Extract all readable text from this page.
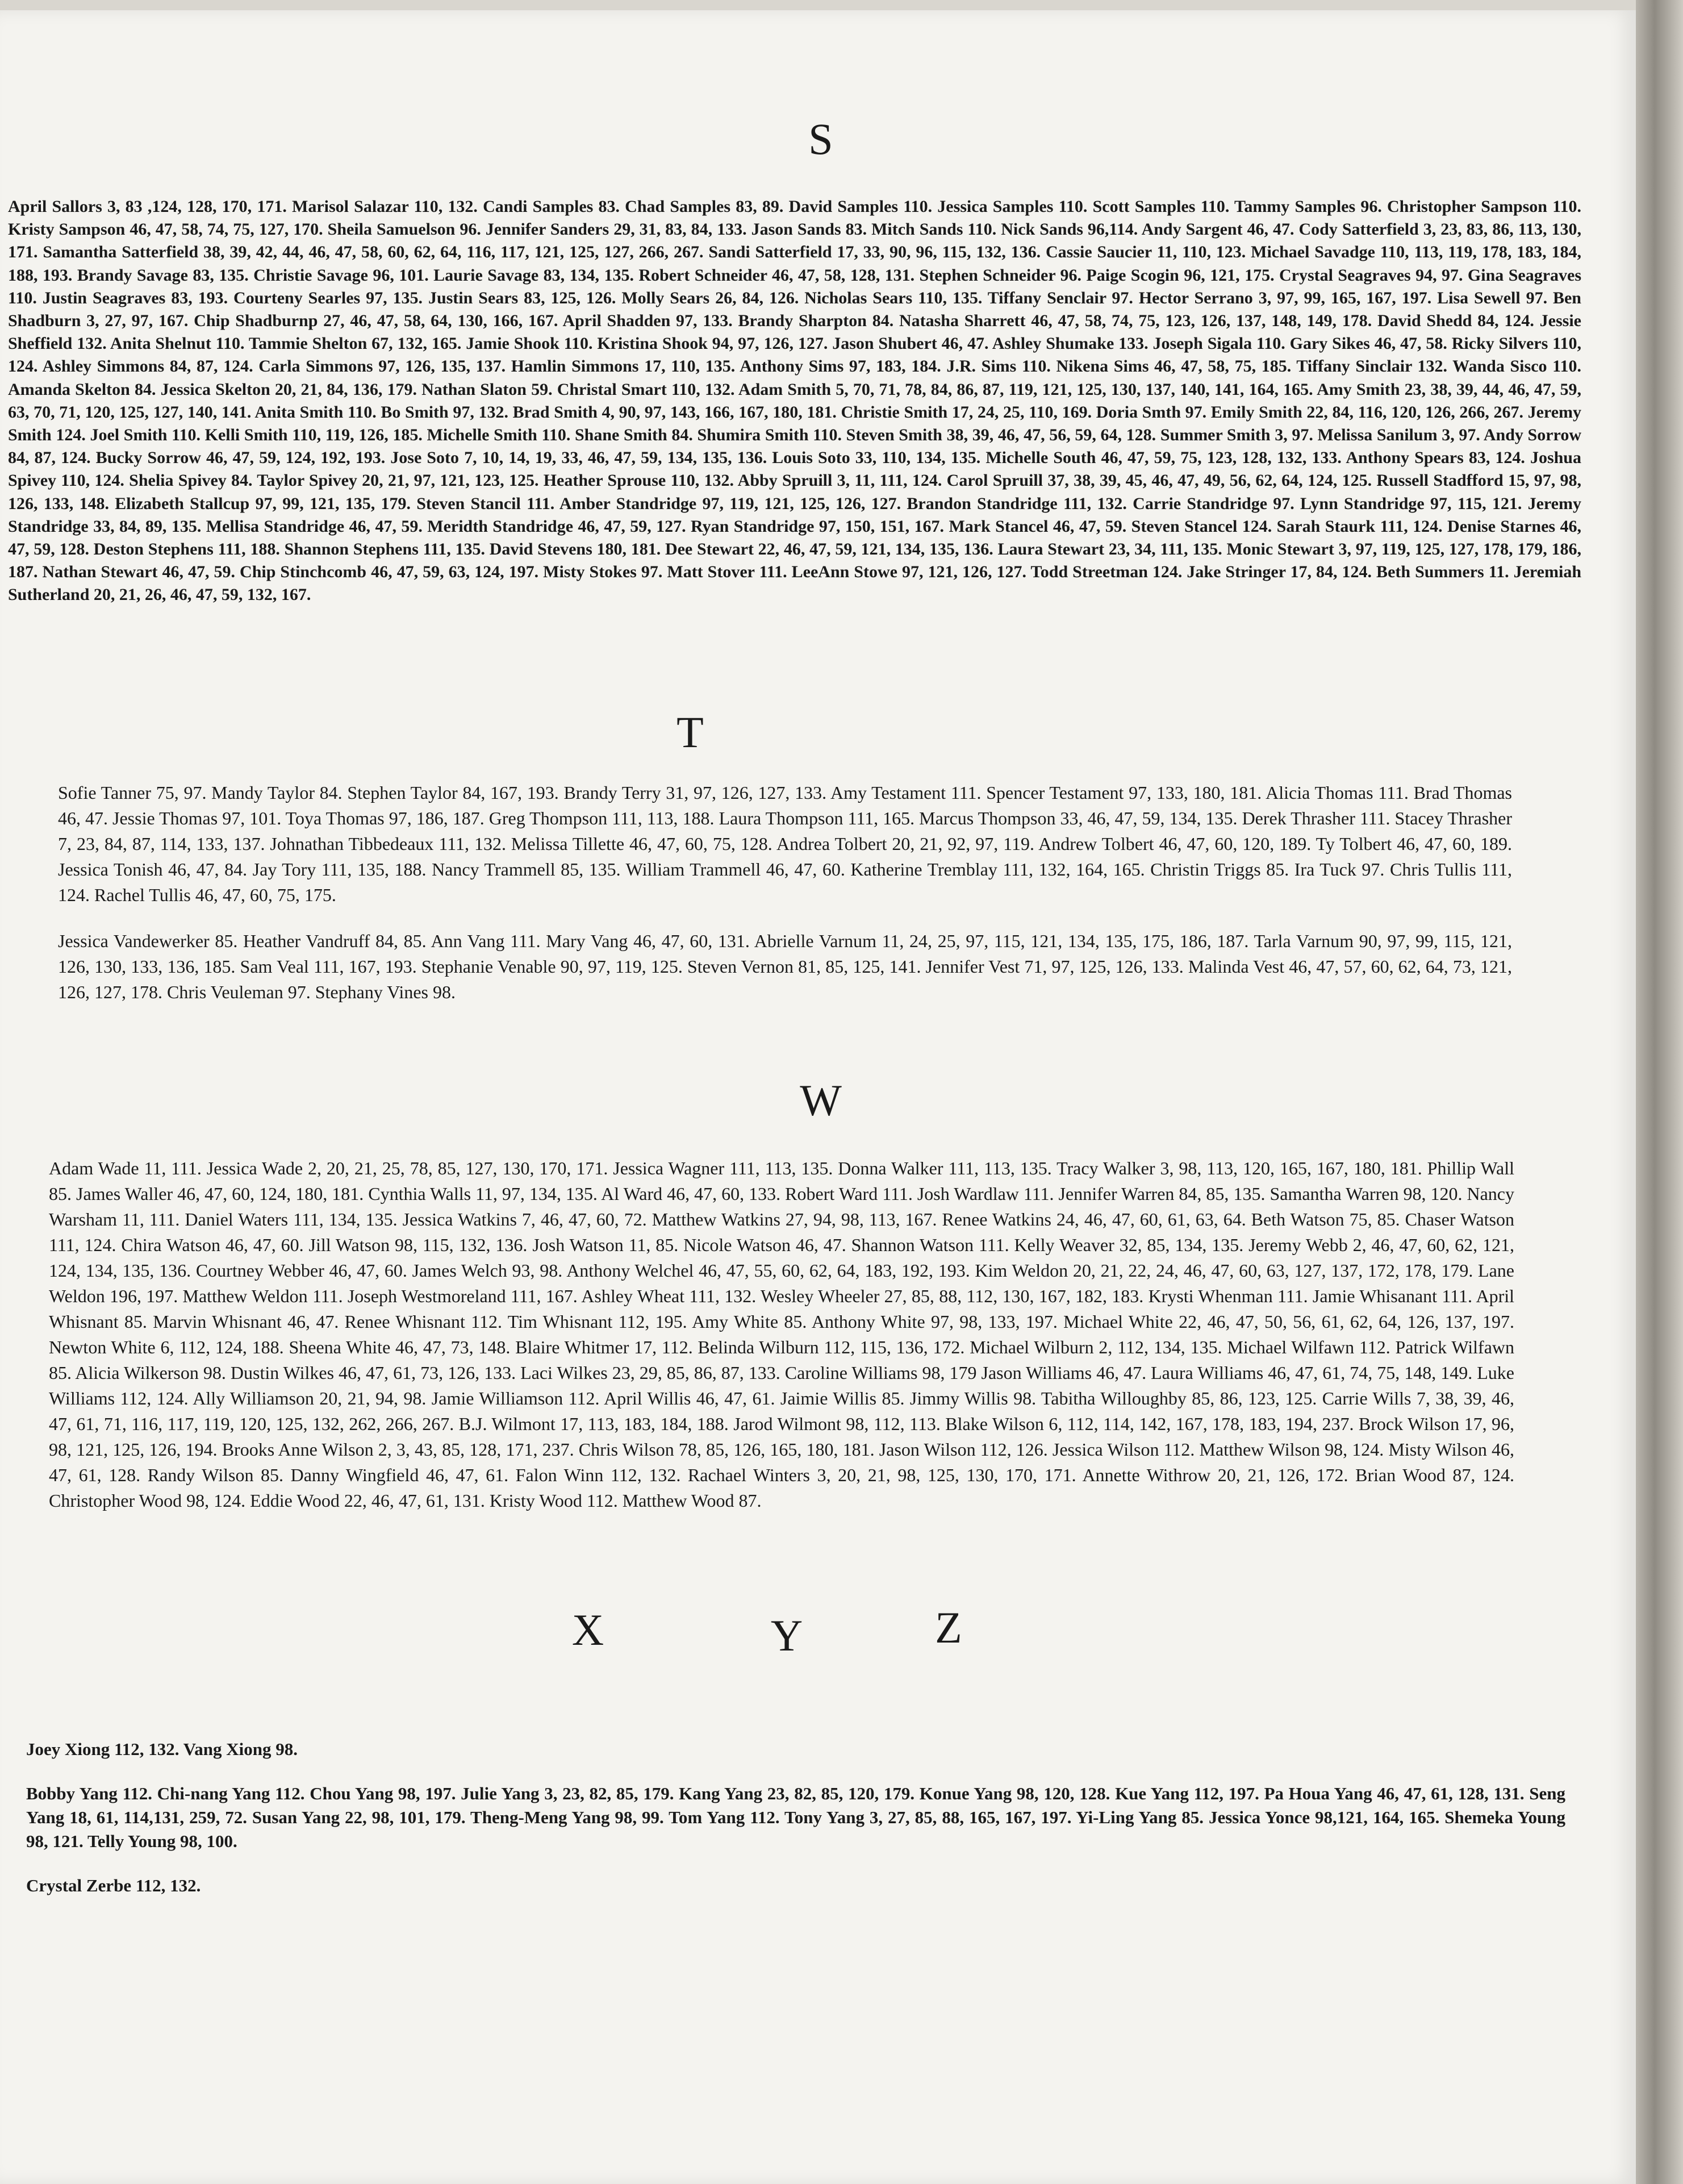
S

April Sallors 3, 83 ,124, 128, 170, 171. Marisol Salazar 110, 132. Candi Samples 83. Chad Samples 83, 89. David Samples 110. Jessica Samples 110. Scott Samples 110. Tammy Samples 96. Christopher Sampson 110. Kristy Sampson 46, 47, 58, 74, 75, 127, 170. Sheila Samuelson 96. Jennifer Sanders 29, 31, 83, 84, 133. Jason Sands 83. Mitch Sands 110. Nick Sands 96,114. Andy Sargent 46, 47. Cody Satterfield 3, 23, 83, 86, 113, 130, 171. Samantha Satterfield 38, 39, 42, 44, 46, 47, 58, 60, 62, 64, 116, 117, 121, 125, 127, 266, 267. Sandi Satterfield 17, 33, 90, 96, 115, 132, 136. Cassie Saucier 11, 110, 123. Michael Savadge 110, 113, 119, 178, 183, 184, 188, 193. Brandy Savage 83, 135. Christie Savage 96, 101. Laurie Savage 83, 134, 135. Robert Schneider 46, 47, 58, 128, 131. Stephen Schneider 96. Paige Scogin 96, 121, 175. Crystal Seagraves 94, 97. Gina Seagraves 110. Justin Seagraves 83, 193. Courteny Searles 97, 135. Justin Sears 83, 125, 126. Molly Sears 26, 84, 126. Nicholas Sears 110, 135. Tiffany Senclair 97. Hector Serrano 3, 97, 99, 165, 167, 197. Lisa Sewell 97. Ben Shadburn 3, 27, 97, 167. Chip Shadburnp 27, 46, 47, 58, 64, 130, 166, 167. April Shadden 97, 133. Brandy Sharpton 84. Natasha Sharrett 46, 47, 58, 74, 75, 123, 126, 137, 148, 149, 178. David Shedd 84, 124. Jessie Sheffield 132. Anita Shelnut 110. Tammie Shelton 67, 132, 165. Jamie Shook 110. Kristina Shook 94, 97, 126, 127. Jason Shubert 46, 47. Ashley Shumake 133. Joseph Sigala 110. Gary Sikes 46, 47, 58. Ricky Silvers 110, 124. Ashley Simmons 84, 87, 124. Carla Simmons 97, 126, 135, 137. Hamlin Simmons 17, 110, 135. Anthony Sims 97, 183, 184. J.R. Sims 110. Nikena Sims 46, 47, 58, 75, 185. Tiffany Sinclair 132. Wanda Sisco 110. Amanda Skelton 84. Jessica Skelton 20, 21, 84, 136, 179. Nathan Slaton 59. Christal Smart 110, 132. Adam Smith 5, 70, 71, 78, 84, 86, 87, 119, 121, 125, 130, 137, 140, 141, 164, 165. Amy Smith 23, 38, 39, 44, 46, 47, 59, 63, 70, 71, 120, 125, 127, 140, 141. Anita Smith 110. Bo Smith 97, 132. Brad Smith 4, 90, 97, 143, 166, 167, 180, 181. Christie Smith 17, 24, 25, 110, 169. Doria Smth 97. Emily Smith 22, 84, 116, 120, 126, 266, 267. Jeremy Smith 124. Joel Smith 110. Kelli Smith 110, 119, 126, 185. Michelle Smith 110. Shane Smith 84. Shumira Smith 110. Steven Smith 38, 39, 46, 47, 56, 59, 64, 128. Summer Smith 3, 97. Melissa Sanilum 3, 97. Andy Sorrow 84, 87, 124. Bucky Sorrow 46, 47, 59, 124, 192, 193. Jose Soto 7, 10, 14, 19, 33, 46, 47, 59, 134, 135, 136. Louis Soto 33, 110, 134, 135. Michelle South 46, 47, 59, 75, 123, 128, 132, 133. Anthony Spears 83, 124. Joshua Spivey 110, 124. Shelia Spivey 84. Taylor Spivey 20, 21, 97, 121, 123, 125. Heather Sprouse 110, 132. Abby Spruill 3, 11, 111, 124. Carol Spruill 37, 38, 39, 45, 46, 47, 49, 56, 62, 64, 124, 125. Russell Stadfford 15, 97, 98, 126, 133, 148. Elizabeth Stallcup 97, 99, 121, 135, 179. Steven Stancil 111. Amber Standridge 97, 119, 121, 125, 126, 127. Brandon Standridge 111, 132. Carrie Standridge 97. Lynn Standridge 97, 115, 121. Jeremy Standridge 33, 84, 89, 135. Mellisa Standridge 46, 47, 59. Meridth Standridge 46, 47, 59, 127. Ryan Standridge 97, 150, 151, 167. Mark Stancel 46, 47, 59. Steven Stancel 124. Sarah Staurk 111, 124. Denise Starnes 46, 47, 59, 128. Deston Stephens 111, 188. Shannon Stephens 111, 135. David Stevens 180, 181. Dee Stewart 22, 46, 47, 59, 121, 134, 135, 136. Laura Stewart 23, 34, 111, 135. Monic Stewart 3, 97, 119, 125, 127, 178, 179, 186, 187. Nathan Stewart 46, 47, 59. Chip Stinchcomb 46, 47, 59, 63, 124, 197. Misty Stokes 97. Matt Stover 111. LeeAnn Stowe 97, 121, 126, 127. Todd Streetman 124. Jake Stringer 17, 84, 124. Beth Summers 11. Jeremiah Sutherland 20, 21, 26, 46, 47, 59, 132, 167.

T

Sofie Tanner 75, 97. Mandy Taylor 84. Stephen Taylor 84, 167, 193. Brandy Terry 31, 97, 126, 127, 133. Amy Testament 111. Spencer Testament 97, 133, 180, 181. Alicia Thomas 111. Brad Thomas 46, 47. Jessie Thomas 97, 101. Toya Thomas 97, 186, 187. Greg Thompson 111, 113, 188. Laura Thompson 111, 165. Marcus Thompson 33, 46, 47, 59, 134, 135. Derek Thrasher 111. Stacey Thrasher 7, 23, 84, 87, 114, 133, 137. Johnathan Tibbedeaux 111, 132. Melissa Tillette 46, 47, 60, 75, 128. Andrea Tolbert 20, 21, 92, 97, 119. Andrew Tolbert 46, 47, 60, 120, 189. Ty Tolbert 46, 47, 60, 189. Jessica Tonish 46, 47, 84. Jay Tory 111, 135, 188. Nancy Trammell 85, 135. William Trammell 46, 47, 60. Katherine Tremblay 111, 132, 164, 165. Christin Triggs 85. Ira Tuck 97. Chris Tullis 111, 124. Rachel Tullis 46, 47, 60, 75, 175.

Jessica Vandewerker 85. Heather Vandruff 84, 85. Ann Vang 111. Mary Vang 46, 47, 60, 131. Abrielle Varnum 11, 24, 25, 97, 115, 121, 134, 135, 175, 186, 187. Tarla Varnum 90, 97, 99, 115, 121, 126, 130, 133, 136, 185. Sam Veal 111, 167, 193. Stephanie Venable 90, 97, 119, 125. Steven Vernon 81, 85, 125, 141. Jennifer Vest 71, 97, 125, 126, 133. Malinda Vest 46, 47, 57, 60, 62, 64, 73, 121, 126, 127, 178. Chris Veuleman 97. Stephany Vines 98.

W

Adam Wade 11, 111. Jessica Wade 2, 20, 21, 25, 78, 85, 127, 130, 170, 171. Jessica Wagner 111, 113, 135. Donna Walker 111, 113, 135. Tracy Walker 3, 98, 113, 120, 165, 167, 180, 181. Phillip Wall 85. James Waller 46, 47, 60, 124, 180, 181. Cynthia Walls 11, 97, 134, 135. Al Ward 46, 47, 60, 133. Robert Ward 111. Josh Wardlaw 111. Jennifer Warren 84, 85, 135. Samantha Warren 98, 120. Nancy Warsham 11, 111. Daniel Waters 111, 134, 135. Jessica Watkins 7, 46, 47, 60, 72. Matthew Watkins 27, 94, 98, 113, 167. Renee Watkins 24, 46, 47, 60, 61, 63, 64. Beth Watson 75, 85. Chaser Watson 111, 124. Chira Watson 46, 47, 60. Jill Watson 98, 115, 132, 136. Josh Watson 11, 85. Nicole Watson 46, 47. Shannon Watson 111. Kelly Weaver 32, 85, 134, 135. Jeremy Webb 2, 46, 47, 60, 62, 121, 124, 134, 135, 136. Courtney Webber 46, 47, 60. James Welch 93, 98. Anthony Welchel 46, 47, 55, 60, 62, 64, 183, 192, 193. Kim Weldon 20, 21, 22, 24, 46, 47, 60, 63, 127, 137, 172, 178, 179. Lane Weldon 196, 197. Matthew Weldon 111. Joseph Westmoreland 111, 167. Ashley Wheat 111, 132. Wesley Wheeler 27, 85, 88, 112, 130, 167, 182, 183. Krysti Whenman 111. Jamie Whisanant 111. April Whisnant 85. Marvin Whisnant 46, 47. Renee Whisnant 112. Tim Whisnant 112, 195. Amy White 85. Anthony White 97, 98, 133, 197. Michael White 22, 46, 47, 50, 56, 61, 62, 64, 126, 137, 197. Newton White 6, 112, 124, 188. Sheena White 46, 47, 73, 148. Blaire Whitmer 17, 112. Belinda Wilburn 112, 115, 136, 172. Michael Wilburn 2, 112, 134, 135. Michael Wilfawn 112. Patrick Wilfawn 85. Alicia Wilkerson 98. Dustin Wilkes 46, 47, 61, 73, 126, 133. Laci Wilkes 23, 29, 85, 86, 87, 133. Caroline Williams 98, 179 Jason Williams 46, 47. Laura Williams 46, 47, 61, 74, 75, 148, 149. Luke Williams 112, 124. Ally Williamson 20, 21, 94, 98. Jamie Williamson 112. April Willis 46, 47, 61. Jaimie Willis 85. Jimmy Willis 98. Tabitha Willoughby 85, 86, 123, 125. Carrie Wills 7, 38, 39, 46, 47, 61, 71, 116, 117, 119, 120, 125, 132, 262, 266, 267. B.J. Wilmont 17, 113, 183, 184, 188. Jarod Wilmont 98, 112, 113. Blake Wilson 6, 112, 114, 142, 167, 178, 183, 194, 237. Brock Wilson 17, 96, 98, 121, 125, 126, 194. Brooks Anne Wilson 2, 3, 43, 85, 128, 171, 237. Chris Wilson 78, 85, 126, 165, 180, 181. Jason Wilson 112, 126. Jessica Wilson 112. Matthew Wilson 98, 124. Misty Wilson 46, 47, 61, 128. Randy Wilson 85. Danny Wingfield 46, 47, 61. Falon Winn 112, 132. Rachael Winters 3, 20, 21, 98, 125, 130, 170, 171. Annette Withrow 20, 21, 126, 172. Brian Wood 87, 124. Christopher Wood 98, 124. Eddie Wood 22, 46, 47, 61, 131. Kristy Wood 112. Matthew Wood 87.

X	Y	Z

Joey Xiong 112, 132. Vang Xiong 98.

Bobby Yang 112. Chi-nang Yang 112. Chou Yang 98, 197. Julie Yang 3, 23, 82, 85, 179. Kang Yang 23, 82, 85, 120, 179. Konue Yang 98, 120, 128. Kue Yang 112, 197. Pa Houa Yang 46, 47, 61, 128, 131. Seng Yang 18, 61, 114,131, 259, 72. Susan Yang 22, 98, 101, 179. Theng-Meng Yang 98, 99. Tom Yang 112. Tony Yang 3, 27, 85, 88, 165, 167, 197. Yi-Ling Yang 85. Jessica Yonce 98,121, 164, 165. Shemeka Young 98, 121. Telly Young 98, 100.

Crystal Zerbe 112, 132.
